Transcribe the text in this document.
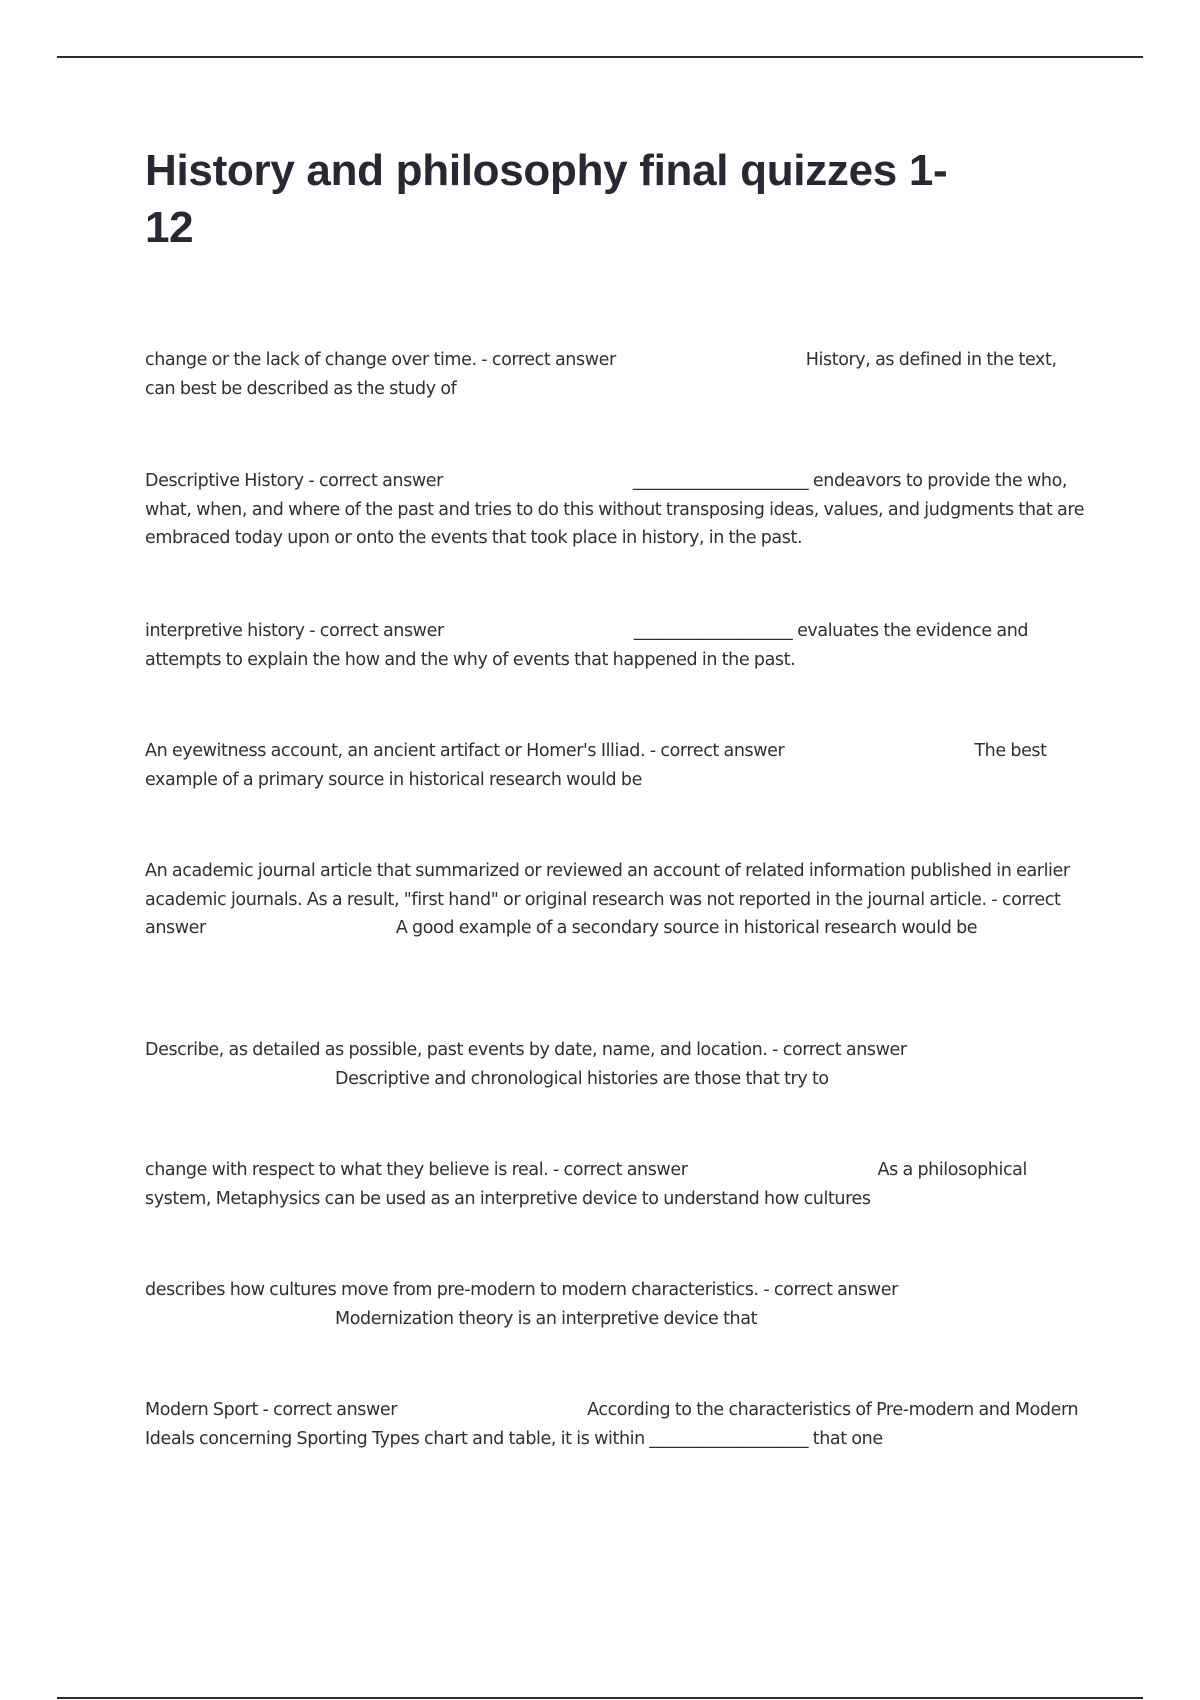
History and philosophy final quizzes 1-
12
change or the lack of change over time. - correct answer	History, as defined in the text, can best be described as the study of
Descriptive History - correct answer	_____________________ endeavors to provide the who, what, when, and where of the past and tries to do this without transposing ideas, values, and judgments that are embraced today upon or onto the events that took place in history, in the past.
interpretive history - correct answer	___________________ evaluates the evidence and attempts to explain the how and the why of events that happened in the past.
An eyewitness account, an ancient artifact or Homer's Illiad. - correct answer	The best example of a primary source in historical research would be
An academic journal article that summarized or reviewed an account of related information published in earlier academic journals. As a result, "first hand" or original research was not reported in the journal article. - correct answer	A good example of a secondary source in historical research would be
Describe, as detailed as possible, past events by date, name, and location. - correct answerDescriptive and chronological histories are those that try to
change with respect to what they believe is real. - correct answer	As a philosophical system, Metaphysics can be used as an interpretive device to understand how cultures
describes how cultures move from pre-modern to modern characteristics. - correct answerModernization theory is an interpretive device that
Modern Sport - correct answer	According to the characteristics of Pre-modern and Modern Ideals concerning Sporting Types chart and table, it is within ___________________ that one
